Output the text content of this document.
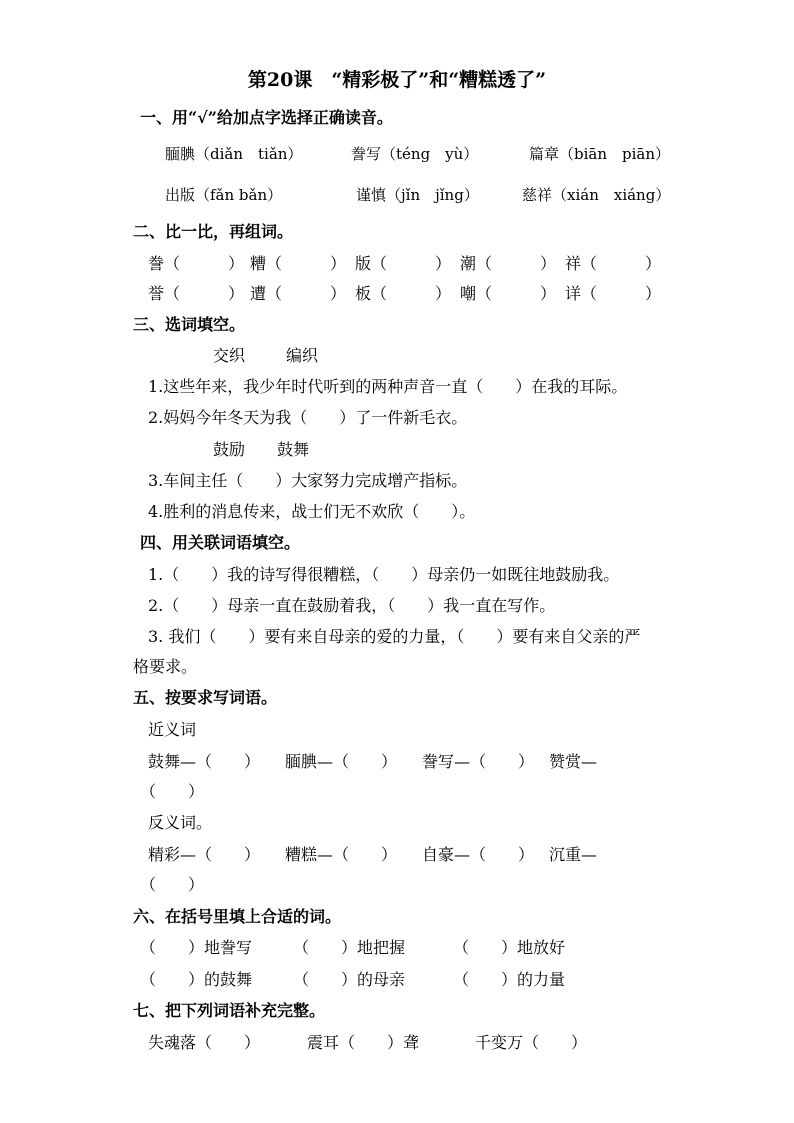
第20课　“精彩极了”和“糟糕透了”
一、用“√”给加点字选择正确读音。
腼腆（diǎn　tiǎn）	誊写（téng　yù）	篇章（biān　piān）
出版（fǎn bǎn）	谨慎（jǐn　jǐng）	慈祥（xián　xiáng）
二、比一比，再组词。
誊（　　　） 糟（　　　） 版（　　　） 潮（　　　） 祥（　　　）
誉（　　　） 遭（　　　） 板（　　　） 嘲（　　　） 详（　　　）
三、选词填空。
交织	编织
1.这些年来，我少年时代听到的两种声音一直（　　）在我的耳际。
2.妈妈今年冬天为我（　　）了一件新毛衣。
鼓励 鼓舞
3.车间主任（　　）大家努力完成增产指标。
4.胜利的消息传来，战士们无不欢欣（　　）。
四、用关联词语填空。
1.（　　）我的诗写得很糟糕，（　　）母亲仍一如既往地鼓励我。
2.（　　）母亲一直在鼓励着我，（　　）我一直在写作。
3. 我们（　　）要有来自母亲的爱的力量，（　　）要有来自父亲的严
格要求。
五、按要求写词语。
近义词
鼓舞—（　　） 腼腆—（　　） 誊写—（　　） 赞赏—
（　　）
反义词。
精彩—（　　） 糟糕—（　　） 自豪—（　　） 沉重—
（　　）
六、在括号里填上合适的词。
（　　）地誊写	（　　）地把握	（　　）地放好
（　　）的鼓舞	（　　）的母亲	（　　）的力量
七、把下列词语补充完整。
失魂落（　　）	震耳（　　）聋	千变万（　　）
